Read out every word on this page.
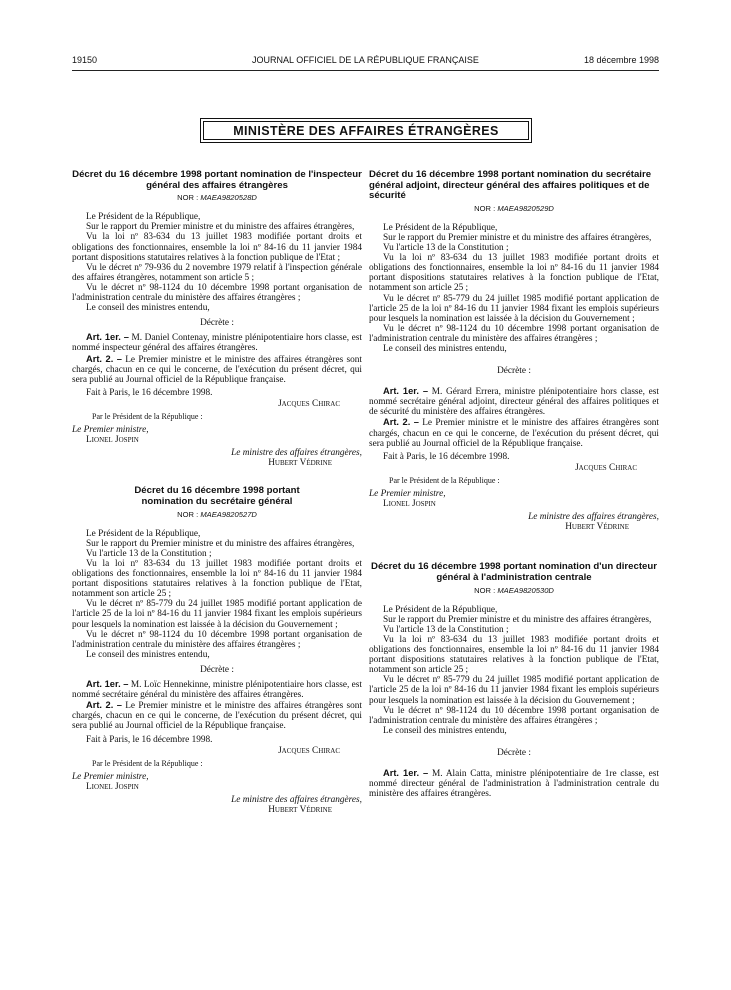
19150	JOURNAL OFFICIEL DE LA RÉPUBLIQUE FRANÇAISE	18 décembre 1998
MINISTÈRE DES AFFAIRES ÉTRANGÈRES
Décret du 16 décembre 1998 portant nomination de l'inspecteur général des affaires étrangères
NOR : MAEA9820528D

Le Président de la République,

Sur le rapport du Premier ministre et du ministre des affaires étrangères,

Vu la loi nº 83-634 du 13 juillet 1983 modifiée portant droits et obligations des fonctionnaires, ensemble la loi nº 84-16 du 11 janvier 1984 portant dispositions statutaires relatives à la fonction publique de l'Etat ;

Vu le décret nº 79-936 du 2 novembre 1979 relatif à l'inspection générale des affaires étrangères, notamment son article 5 ;

Vu le décret nº 98-1124 du 10 décembre 1998 portant organisation de l'administration centrale du ministère des affaires étrangères ;

Le conseil des ministres entendu,

Décrète :

Art. 1er. – M. Daniel Contenay, ministre plénipotentiaire hors classe, est nommé inspecteur général des affaires étrangères.

Art. 2. – Le Premier ministre et le ministre des affaires étrangères sont chargés, chacun en ce qui le concerne, de l'exécution du présent décret, qui sera publié au Journal officiel de la République française.

Fait à Paris, le 16 décembre 1998.

Jacques Chirac
Par le Président de la République :
Le Premier ministre,
Lionel Jospin
Le ministre des affaires étrangères,
Hubert Védrine
Décret du 16 décembre 1998 portant nomination du secrétaire général
NOR : MAEA9820527D

Le Président de la République,

Sur le rapport du Premier ministre et du ministre des affaires étrangères,

Vu l'article 13 de la Constitution ;

Vu la loi nº 83-634 du 13 juillet 1983 modifiée portant droits et obligations des fonctionnaires, ensemble la loi nº 84-16 du 11 janvier 1984 portant dispositions statutaires relatives à la fonction publique de l'Etat, notamment son article 25 ;

Vu le décret nº 85-779 du 24 juillet 1985 modifié portant application de l'article 25 de la loi nº 84-16 du 11 janvier 1984 fixant les emplois supérieurs pour lesquels la nomination est laissée à la décision du Gouvernement ;

Vu le décret nº 98-1124 du 10 décembre 1998 portant organisation de l'administration centrale du ministère des affaires étrangères ;

Le conseil des ministres entendu,

Décrète :

Art. 1er. – M. Loïc Hennekinne, ministre plénipotentiaire hors classe, est nommé secrétaire général du ministère des affaires étrangères.

Art. 2. – Le Premier ministre et le ministre des affaires étrangères sont chargés, chacun en ce qui le concerne, de l'exécution du présent décret, qui sera publié au Journal officiel de la République française.

Fait à Paris, le 16 décembre 1998.

Jacques Chirac
Par le Président de la République :
Le Premier ministre,
Lionel Jospin
Le ministre des affaires étrangères,
Hubert Védrine
Décret du 16 décembre 1998 portant nomination du secrétaire général adjoint, directeur général des affaires politiques et de sécurité
NOR : MAEA9820529D

Le Président de la République,

Sur le rapport du Premier ministre et du ministre des affaires étrangères,

Vu l'article 13 de la Constitution ;

Vu la loi nº 83-634 du 13 juillet 1983 modifiée portant droits et obligations des fonctionnaires, ensemble la loi nº 84-16 du 11 janvier 1984 portant dispositions statutaires relatives à la fonction publique de l'Etat, notamment son article 25 ;

Vu le décret nº 85-779 du 24 juillet 1985 modifié portant application de l'article 25 de la loi nº 84-16 du 11 janvier 1984 fixant les emplois supérieurs pour lesquels la nomination est laissée à la décision du Gouvernement ;

Vu le décret nº 98-1124 du 10 décembre 1998 portant organisation de l'administration centrale du ministère des affaires étrangères ;

Le conseil des ministres entendu,

Décrète :

Art. 1er. – M. Gérard Errera, ministre plénipotentiaire hors classe, est nommé secrétaire général adjoint, directeur général des affaires politiques et de sécurité du ministère des affaires étrangères.

Art. 2. – Le Premier ministre et le ministre des affaires étrangères sont chargés, chacun en ce qui le concerne, de l'exécution du présent décret, qui sera publié au Journal officiel de la République française.

Fait à Paris, le 16 décembre 1998.

Jacques Chirac
Par le Président de la République :
Le Premier ministre,
Lionel Jospin
Le ministre des affaires étrangères,
Hubert Védrine
Décret du 16 décembre 1998 portant nomination d'un directeur général à l'administration centrale
NOR : MAEA9820530D

Le Président de la République,

Sur le rapport du Premier ministre et du ministre des affaires étrangères,

Vu l'article 13 de la Constitution ;

Vu la loi nº 83-634 du 13 juillet 1983 modifiée portant droits et obligations des fonctionnaires, ensemble la loi nº 84-16 du 11 janvier 1984 portant dispositions statutaires relatives à la fonction publique de l'Etat, notamment son article 25 ;

Vu le décret nº 85-779 du 24 juillet 1985 modifié portant application de l'article 25 de la loi nº 84-16 du 11 janvier 1984 fixant les emplois supérieurs pour lesquels la nomination est laissée à la décision du Gouvernement ;

Vu le décret nº 98-1124 du 10 décembre 1998 portant organisation de l'administration centrale du ministère des affaires étrangères ;

Le conseil des ministres entendu,

Décrète :

Art. 1er. – M. Alain Catta, ministre plénipotentiaire de 1re classe, est nommé directeur général de l'administration à l'administration centrale du ministère des affaires étrangères.
